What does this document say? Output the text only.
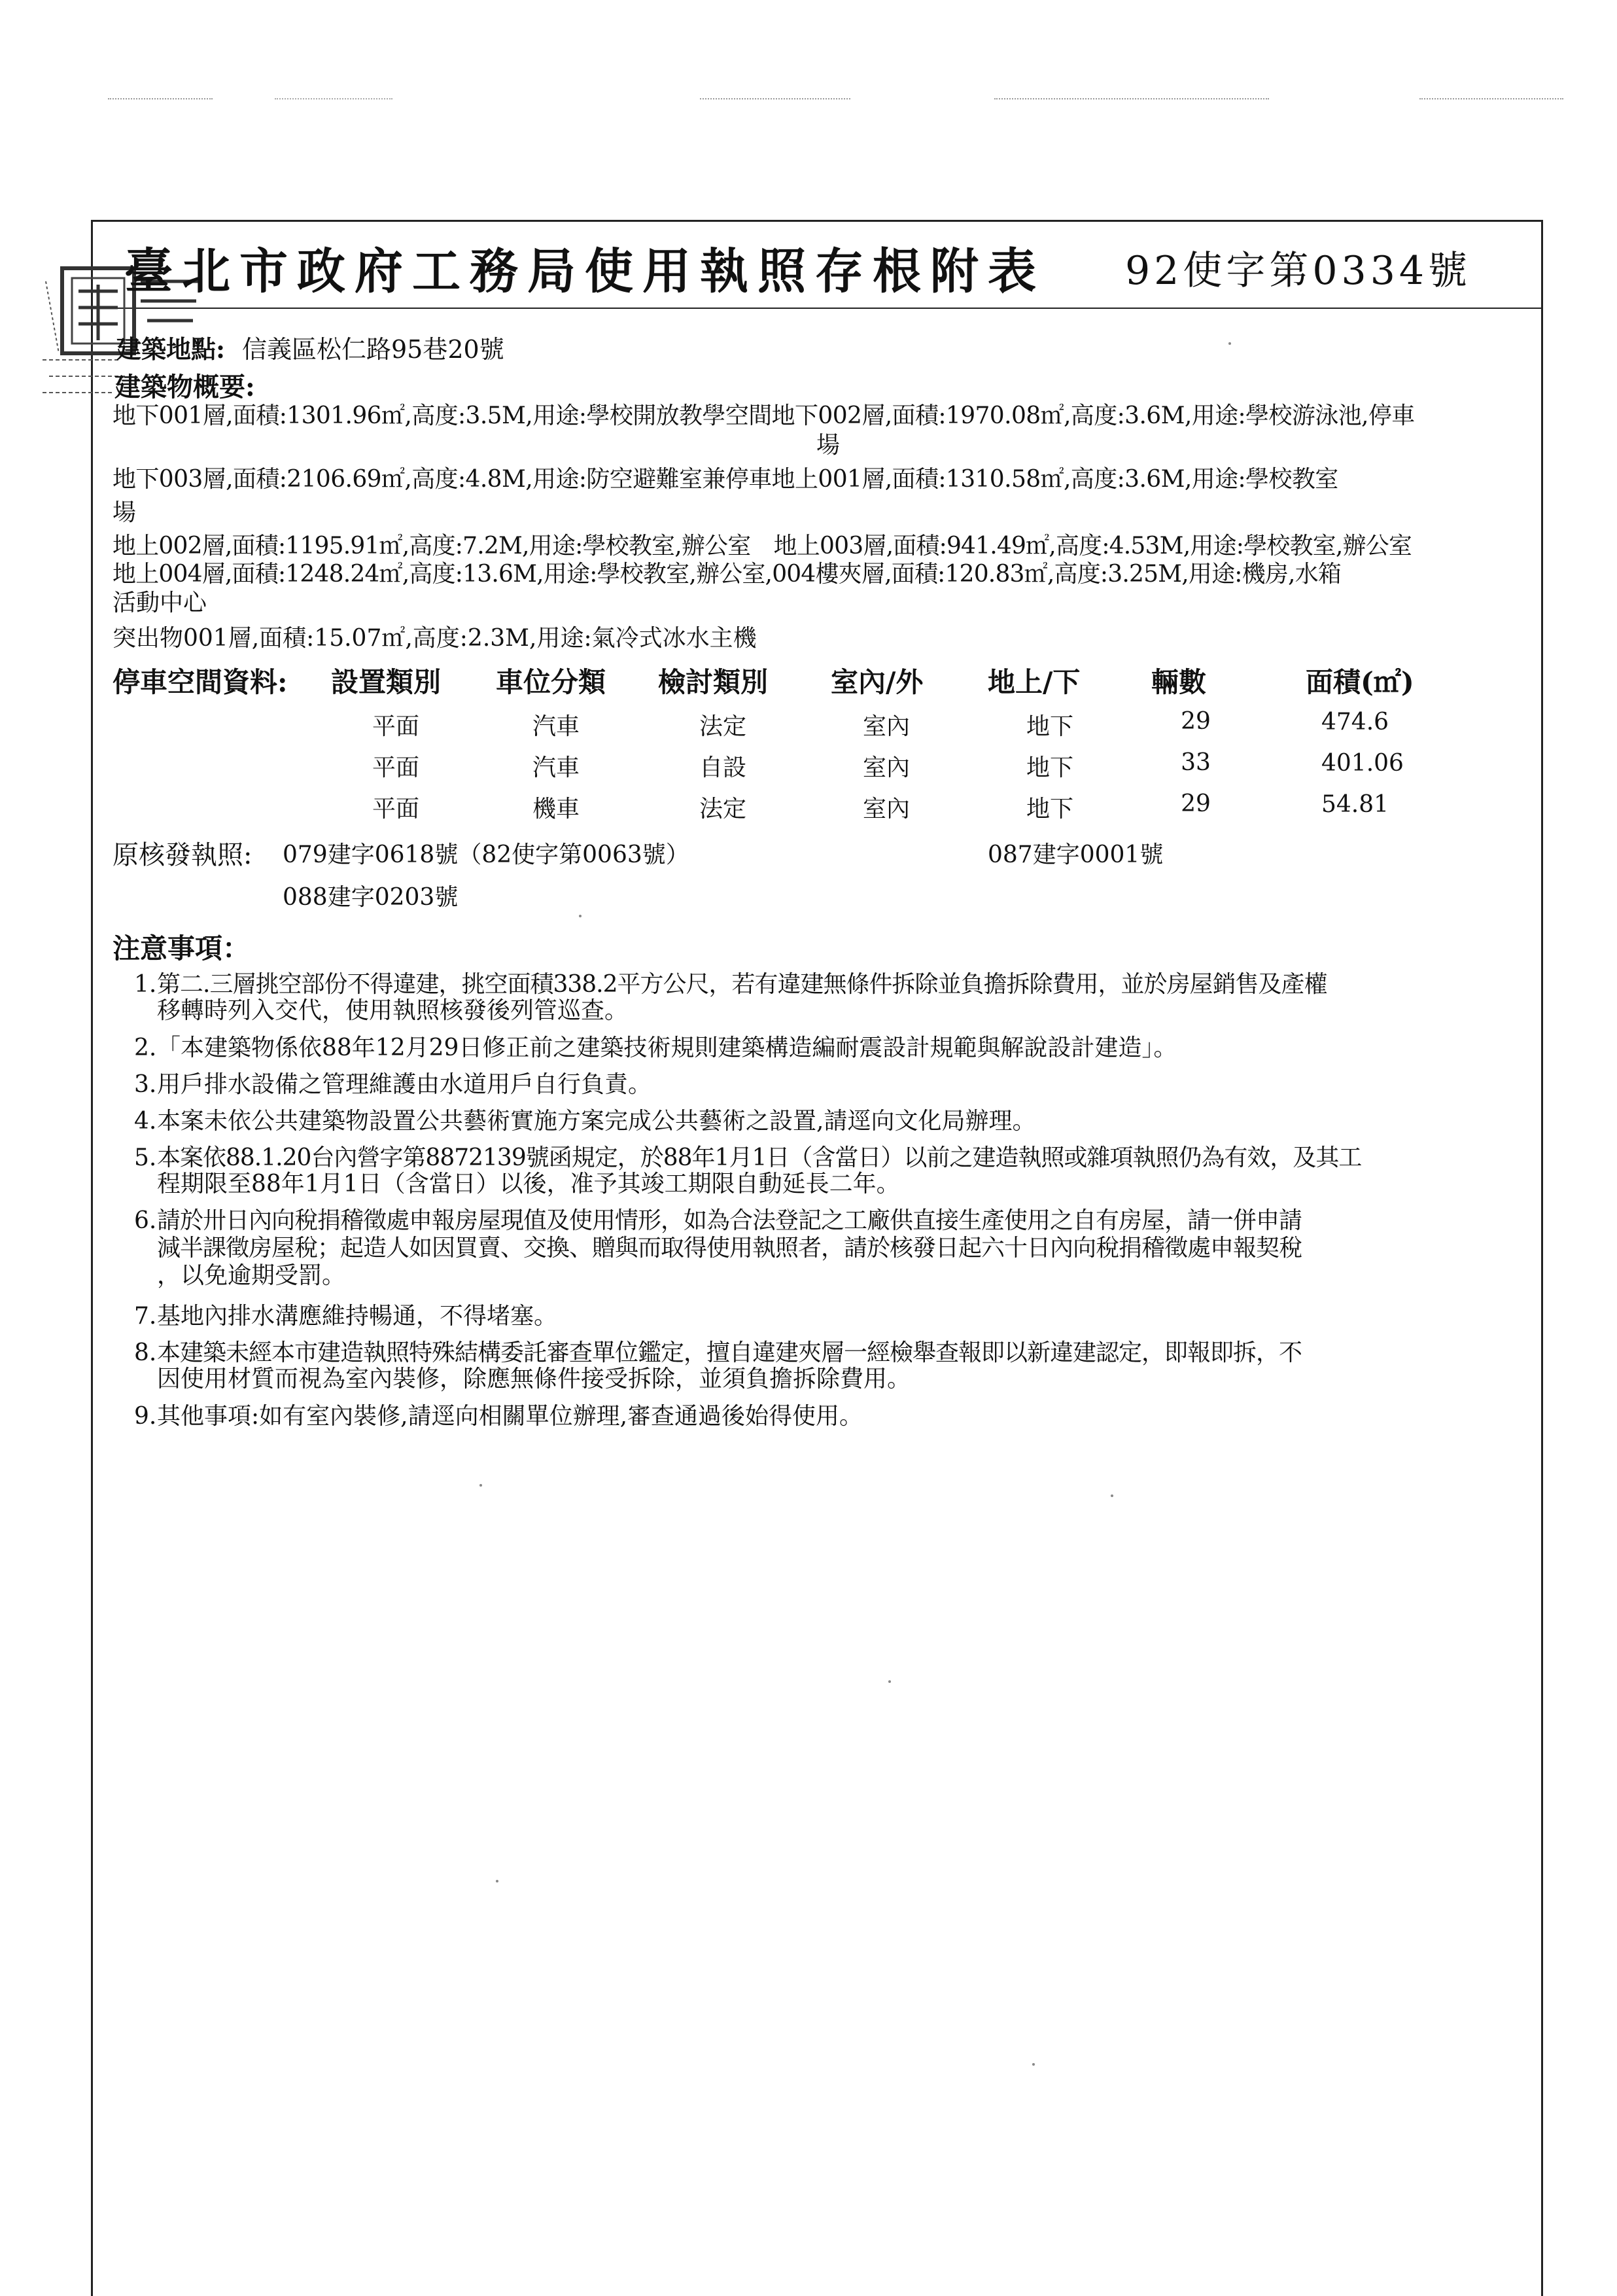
臺北市政府工務局使用執照存根附表 92使字第0334號
建築地點: 信義區松仁路95巷20號
建築物概要:
地下001層,面積:1301.96㎡,高度:3.5M,用途:學校開放教學空間地下002層,面積:1970.08㎡,高度:3.6M,用途:學校游泳池,停車
場
地下003層,面積:2106.69㎡,高度:4.8M,用途:防空避難室兼停車地上001層,面積:1310.58㎡,高度:3.6M,用途:學校教室
場
地上002層,面積:1195.91㎡,高度:7.2M,用途:學校教室,辦公室　地上003層,面積:941.49㎡,高度:4.53M,用途:學校教室,辦公室
地上004層,面積:1248.24㎡,高度:13.6M,用途:學校教室,辦公室,004樓夾層,面積:120.83㎡,高度:3.25M,用途:機房,水箱
活動中心
突出物001層,面積:15.07㎡,高度:2.3M,用途:氣冷式冰水主機
停車空間資料: 設置類別 車位分類 檢討類別 室內/外 地上/下	輛數	面積(㎡)
平面	汽車	法定	室內	地下	29	474.6
平面	汽車	自設	室內	地下	33	401.06
平面	機車	法定	室內	地下	29	54.81
原核發執照: 079建字0618號（82使字第0063號）	087建字0001號
088建字0203號
注意事項：
1. 第二.三層挑空部份不得違建，挑空面積338.2平方公尺，若有違建無條件拆除並負擔拆除費用，並於房屋銷售及產權
移轉時列入交代，使用執照核發後列管巡查。
2. 「本建築物係依88年12月29日修正前之建築技術規則建築構造編耐震設計規範與解說設計建造」。
3. 用戶排水設備之管理維護由水道用戶自行負責。
4. 本案未依公共建築物設置公共藝術實施方案完成公共藝術之設置,請逕向文化局辦理。
5. 本案依88.1.20台內營字第8872139號函規定，於88年1月1日（含當日）以前之建造執照或雜項執照仍為有效，及其工
程期限至88年1月1日（含當日）以後，准予其竣工期限自動延長二年。
6. 請於卅日內向稅捐稽徵處申報房屋現值及使用情形，如為合法登記之工廠供直接生產使用之自有房屋，請一併申請
減半課徵房屋稅；起造人如因買賣、交換、贈與而取得使用執照者，請於核發日起六十日內向稅捐稽徵處申報契稅
，以免逾期受罰。
7. 基地內排水溝應維持暢通，不得堵塞。
8. 本建築未經本市建造執照特殊結構委託審查單位鑑定，擅自違建夾層一經檢舉查報即以新違建認定，即報即拆，不
因使用材質而視為室內裝修，除應無條件接受拆除，並須負擔拆除費用。
9. 其他事項:如有室內裝修,請逕向相關單位辦理,審查通過後始得使用。
